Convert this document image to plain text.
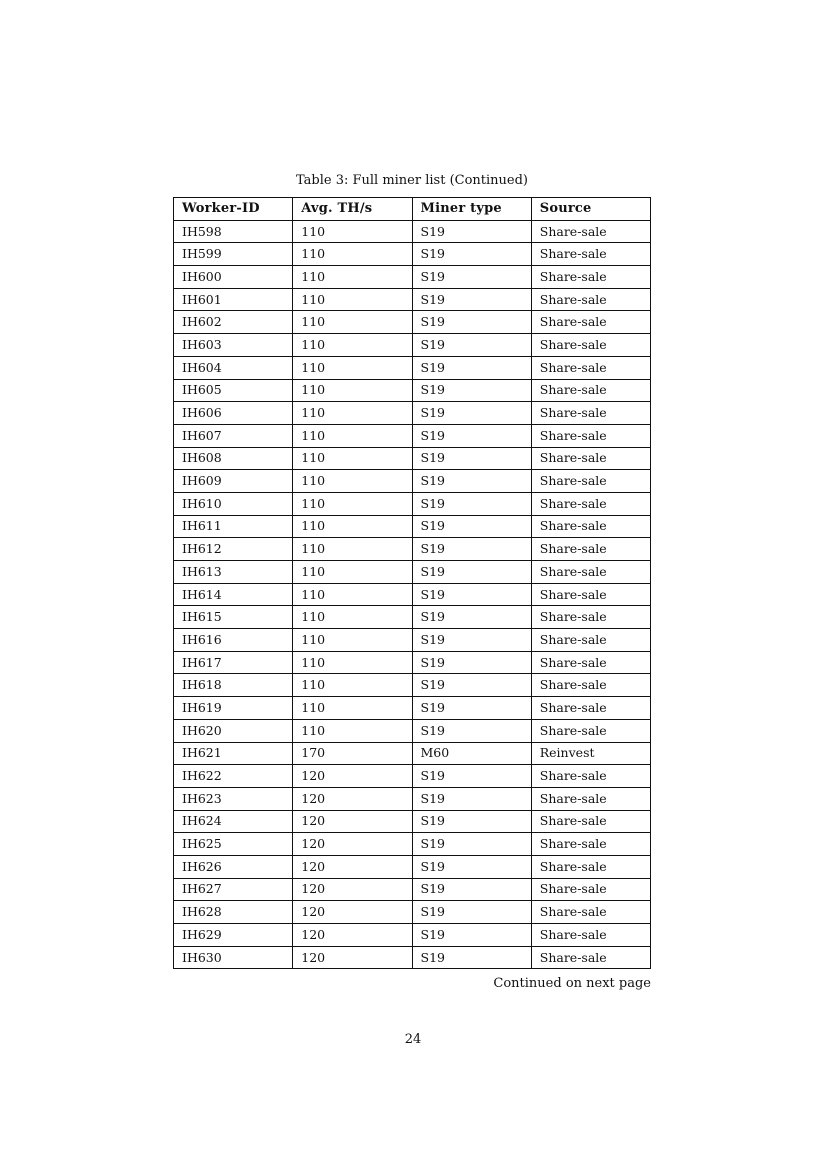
Table 3: Full miner list (Continued)
Worker-ID	Avg. TH/s	Miner type	Source
IH598	110	S19	Share-sale
IH599	110	S19	Share-sale
IH600	110	S19	Share-sale
IH601	110	S19	Share-sale
IH602	110	S19	Share-sale
IH603	110	S19	Share-sale
IH604	110	S19	Share-sale
IH605	110	S19	Share-sale
IH606	110	S19	Share-sale
IH607	110	S19	Share-sale
IH608	110	S19	Share-sale
IH609	110	S19	Share-sale
IH610	110	S19	Share-sale
IH611	110	S19	Share-sale
IH612	110	S19	Share-sale
IH613	110	S19	Share-sale
IH614	110	S19	Share-sale
IH615	110	S19	Share-sale
IH616	110	S19	Share-sale
IH617	110	S19	Share-sale
IH618	110	S19	Share-sale
IH619	110	S19	Share-sale
IH620	110	S19	Share-sale
IH621	170	M60	Reinvest
IH622	120	S19	Share-sale
IH623	120	S19	Share-sale
IH624	120	S19	Share-sale
IH625	120	S19	Share-sale
IH626	120	S19	Share-sale
IH627	120	S19	Share-sale
IH628	120	S19	Share-sale
IH629	120	S19	Share-sale
IH630	120	S19	Share-sale
Continued on next page
24
